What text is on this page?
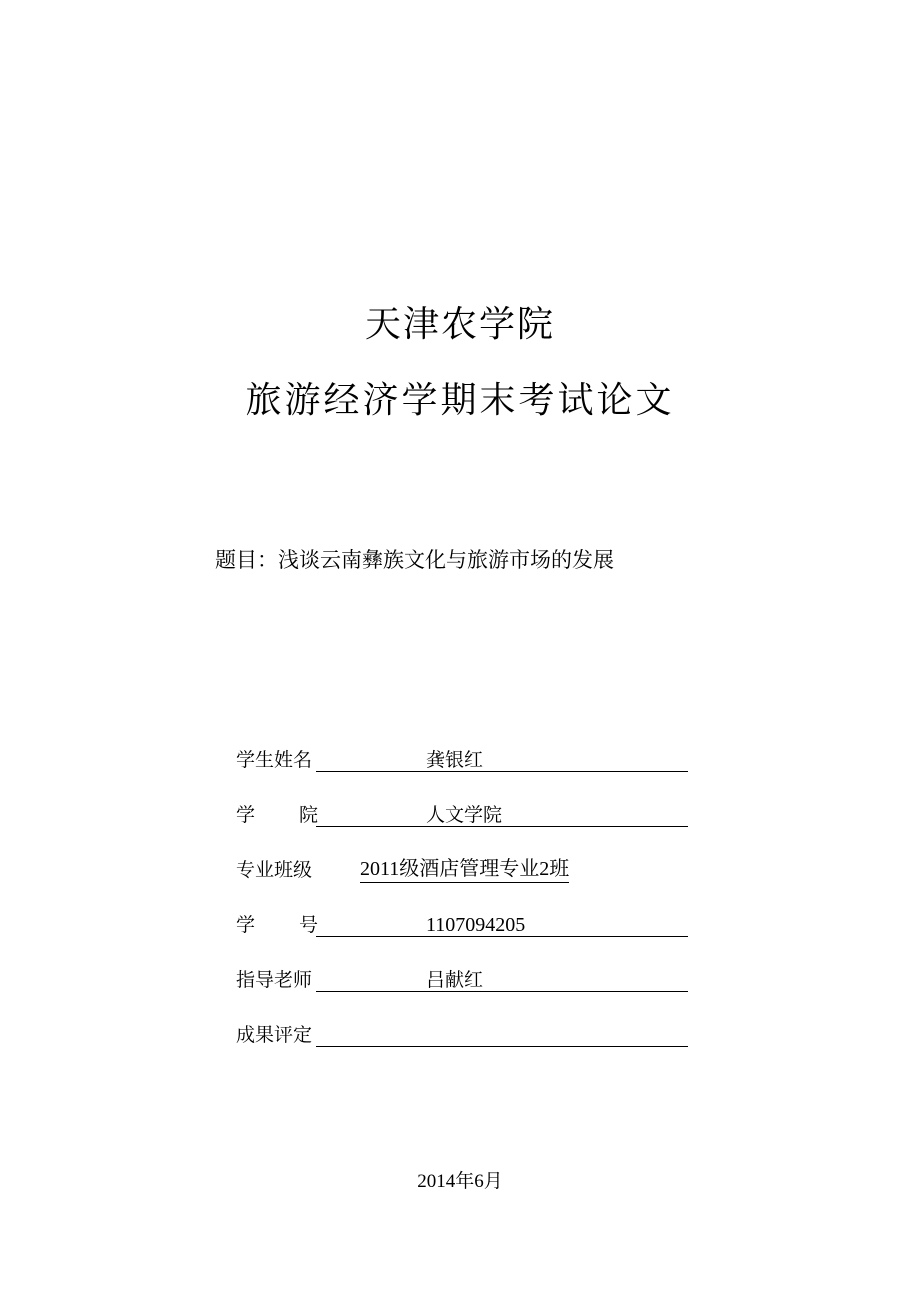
天津农学院
旅游经济学期末考试论文
题目：浅谈云南彝族文化与旅游市场的发展
学生姓名	龚银红
学 院	人文学院
专业班级 2011级酒店管理专业2班
学 号	1107094205
指导老师	吕献红
成果评定
2014年6月
